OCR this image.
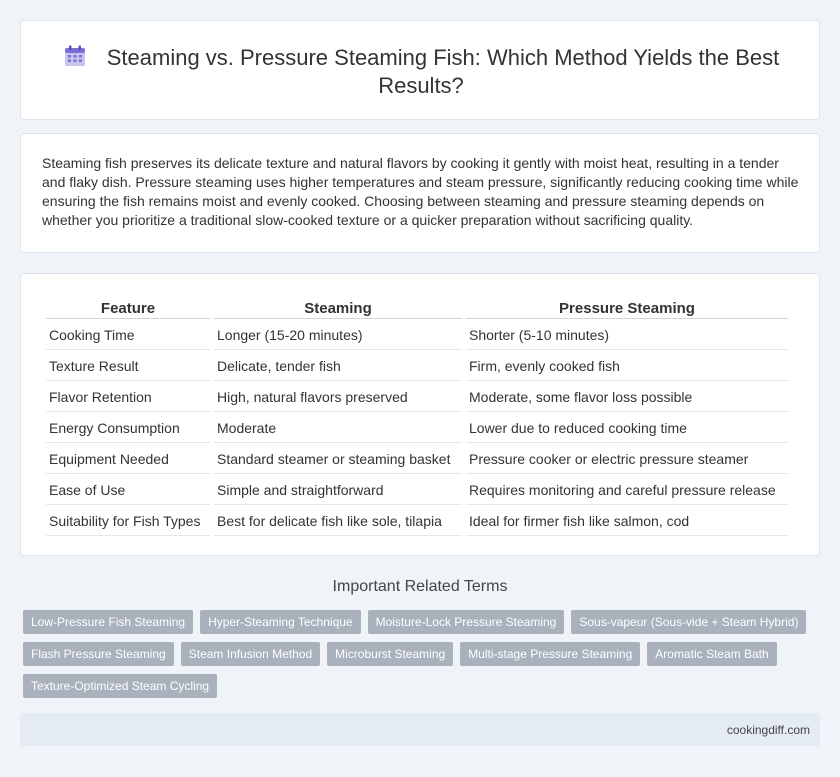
Steaming vs. Pressure Steaming Fish: Which Method Yields the Best Results?

Steaming fish preserves its delicate texture and natural flavors by cooking it gently with moist heat, resulting in a tender and flaky dish. Pressure steaming uses higher temperatures and steam pressure, significantly reducing cooking time while ensuring the fish remains moist and evenly cooked. Choosing between steaming and pressure steaming depends on whether you prioritize a traditional slow-cooked texture or a quicker preparation without sacrificing quality.

Feature	Steaming	Pressure Steaming
Cooking Time	Longer (15-20 minutes)	Shorter (5-10 minutes)
Texture Result	Delicate, tender fish	Firm, evenly cooked fish
Flavor Retention	High, natural flavors preserved	Moderate, some flavor loss possible
Energy Consumption	Moderate	Lower due to reduced cooking time
Equipment Needed	Standard steamer or steaming basket	Pressure cooker or electric pressure steamer
Ease of Use	Simple and straightforward	Requires monitoring and careful pressure release
Suitability for Fish Types	Best for delicate fish like sole, tilapia	Ideal for firmer fish like salmon, cod
Important Related Terms
Low-Pressure Fish Steaming	Hyper-Steaming Technique	Moisture-Lock Pressure Steaming	Sous-vapeur (Sous-vide + Steam Hybrid)
Flash Pressure Steaming	Steam Infusion Method	Microburst Steaming	Multi-stage Pressure Steaming	Aromatic Steam Bath
Texture-Optimized Steam Cycling
cookingdiff.com
